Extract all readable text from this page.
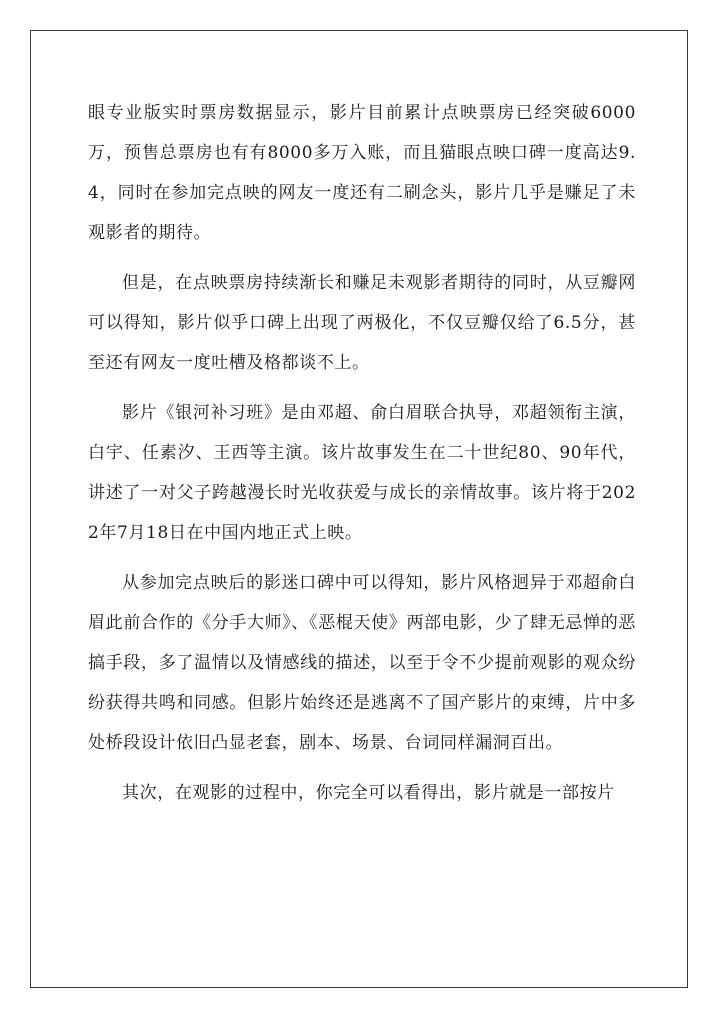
眼专业版实时票房数据显示，影片目前累计点映票房已经突破6000万，预售总票房也有有8000多万入账，而且猫眼点映口碑一度高达9.4，同时在参加完点映的网友一度还有二刷念头，影片几乎是赚足了未观影者的期待。

但是，在点映票房持续渐长和赚足未观影者期待的同时，从豆瓣网可以得知，影片似乎口碑上出现了两极化，不仅豆瓣仅给了6.5分，甚至还有网友一度吐槽及格都谈不上。

影片《银河补习班》是由邓超、俞白眉联合执导，邓超领衔主演，白宇、任素汐、王西等主演。该片故事发生在二十世纪80、90年代，讲述了一对父子跨越漫长时光收获爱与成长的亲情故事。该片将于2022年7月18日在中国内地正式上映。

从参加完点映后的影迷口碑中可以得知，影片风格迥异于邓超俞白眉此前合作的《分手大师》、《恶棍天使》两部电影，少了肆无忌惮的恶搞手段，多了温情以及情感线的描述，以至于令不少提前观影的观众纷纷获得共鸣和同感。但影片始终还是逃离不了国产影片的束缚，片中多处桥段设计依旧凸显老套，剧本、场景、台词同样漏洞百出。

其次，在观影的过程中，你完全可以看得出，影片就是一部按片
